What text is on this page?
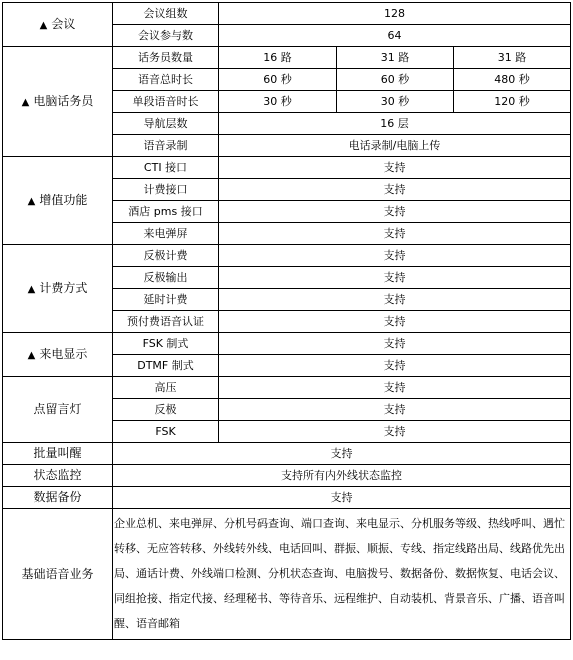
▲ 会议	会议组数	128		
	会议参与数	64		
▲ 电脑话务员	话务员数量	16 路	31 路	31 路
	语音总时长	60 秒	60 秒	480 秒
	单段语音时长	30 秒	30 秒	120 秒
	导航层数	16 层		
	语音录制	电话录制/电脑上传		
▲ 增值功能	CTI 接口	支持		
	计费接口	支持		
	酒店 pms 接口	支持		
	来电弹屏	支持		
▲ 计费方式	反极计费	支持		
	反极输出	支持		
	延时计费	支持		
	预付费语音认证	支持		
▲ 来电显示	FSK 制式	支持		
	DTMF 制式	支持		
点留言灯	高压	支持		
	反极	支持		
	FSK	支持		
批量叫醒	支持			
状态监控	支持所有内外线状态监控			
数据备份	支持			
基础语音业务	企业总机、来电弹屏、分机号码查询、端口查询、来电显示、分机服务等级、热线呼叫、遇忙转移、无应答转移、外线转外线、电话回叫、群振、顺振、专线、指定线路出局、线路优先出局、通话计费、外线端口检测、分机状态查询、电脑拨号、数据备份、数据恢复、电话会议、同组抢接、指定代接、经理秘书、等待音乐、远程维护、自动装机、背景音乐、广播、语音叫醒、语音邮箱			
